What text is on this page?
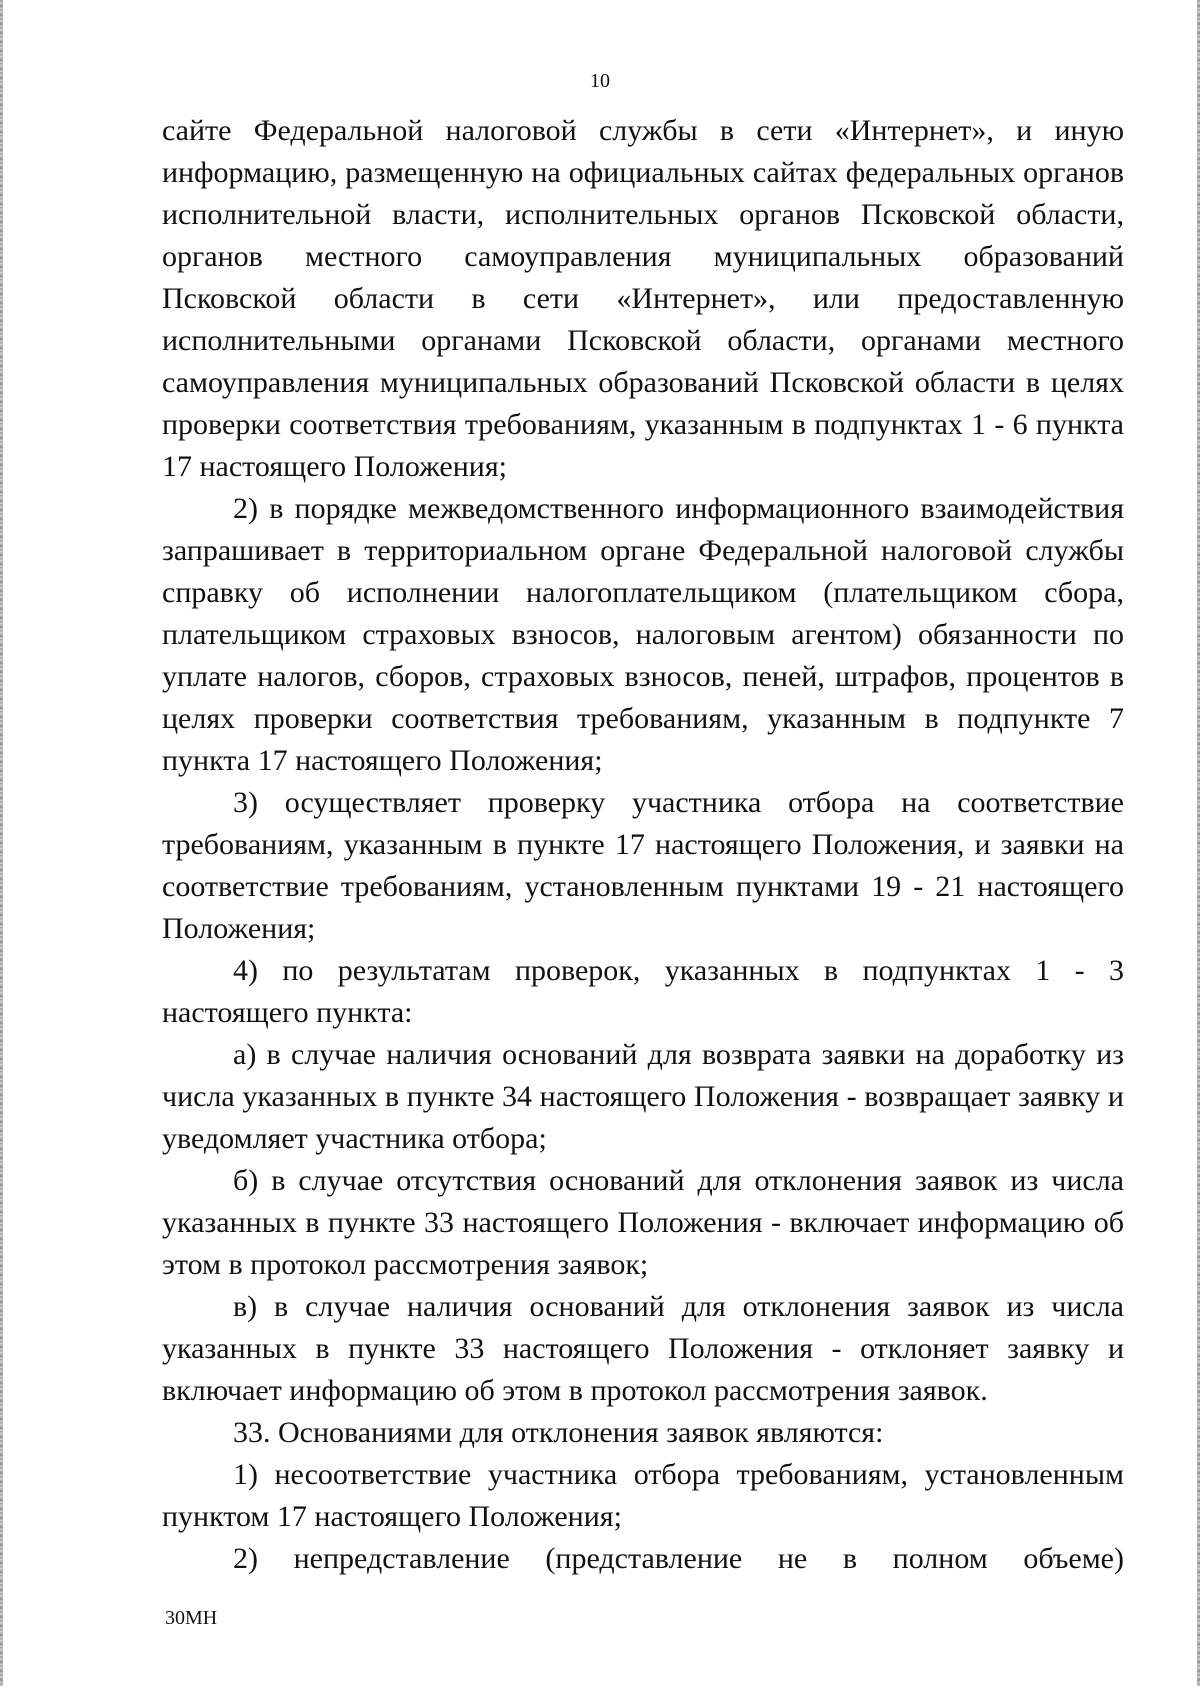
10

сайте Федеральной налоговой службы в сети «Интернет», и иную информацию, размещенную на официальных сайтах федеральных органов исполнительной власти, исполнительных органов Псковской области, органов местного самоуправления муниципальных образований Псковской области в сети «Интернет», или предоставленную исполнительными органами Псковской области, органами местного самоуправления муниципальных образований Псковской области в целях проверки соответствия требованиям, указанным в подпунктах 1 - 6 пункта 17 настоящего Положения;

2) в порядке межведомственного информационного взаимодействия запрашивает в территориальном органе Федеральной налоговой службы справку об исполнении налогоплательщиком (плательщиком сбора, плательщиком страховых взносов, налоговым агентом) обязанности по уплате налогов, сборов, страховых взносов, пеней, штрафов, процентов в целях проверки соответствия требованиям, указанным в подпункте 7 пункта 17 настоящего Положения;

3) осуществляет проверку участника отбора на соответствие требованиям, указанным в пункте 17 настоящего Положения, и заявки на соответствие требованиям, установленным пунктами 19 - 21 настоящего Положения;

4) по результатам проверок, указанных в подпунктах 1 - 3 настоящего пункта:

а) в случае наличия оснований для возврата заявки на доработку из числа указанных в пункте 34 настоящего Положения - возвращает заявку и уведомляет участника отбора;

б) в случае отсутствия оснований для отклонения заявок из числа указанных в пункте 33 настоящего Положения - включает информацию об этом в протокол рассмотрения заявок;

в) в случае наличия оснований для отклонения заявок из числа указанных в пункте 33 настоящего Положения - отклоняет заявку и включает информацию об этом в протокол рассмотрения заявок.

33. Основаниями для отклонения заявок являются:

1) несоответствие участника отбора требованиям, установленным пунктом 17 настоящего Положения;

2) непредставление (представление не в полном объеме)

30МН
